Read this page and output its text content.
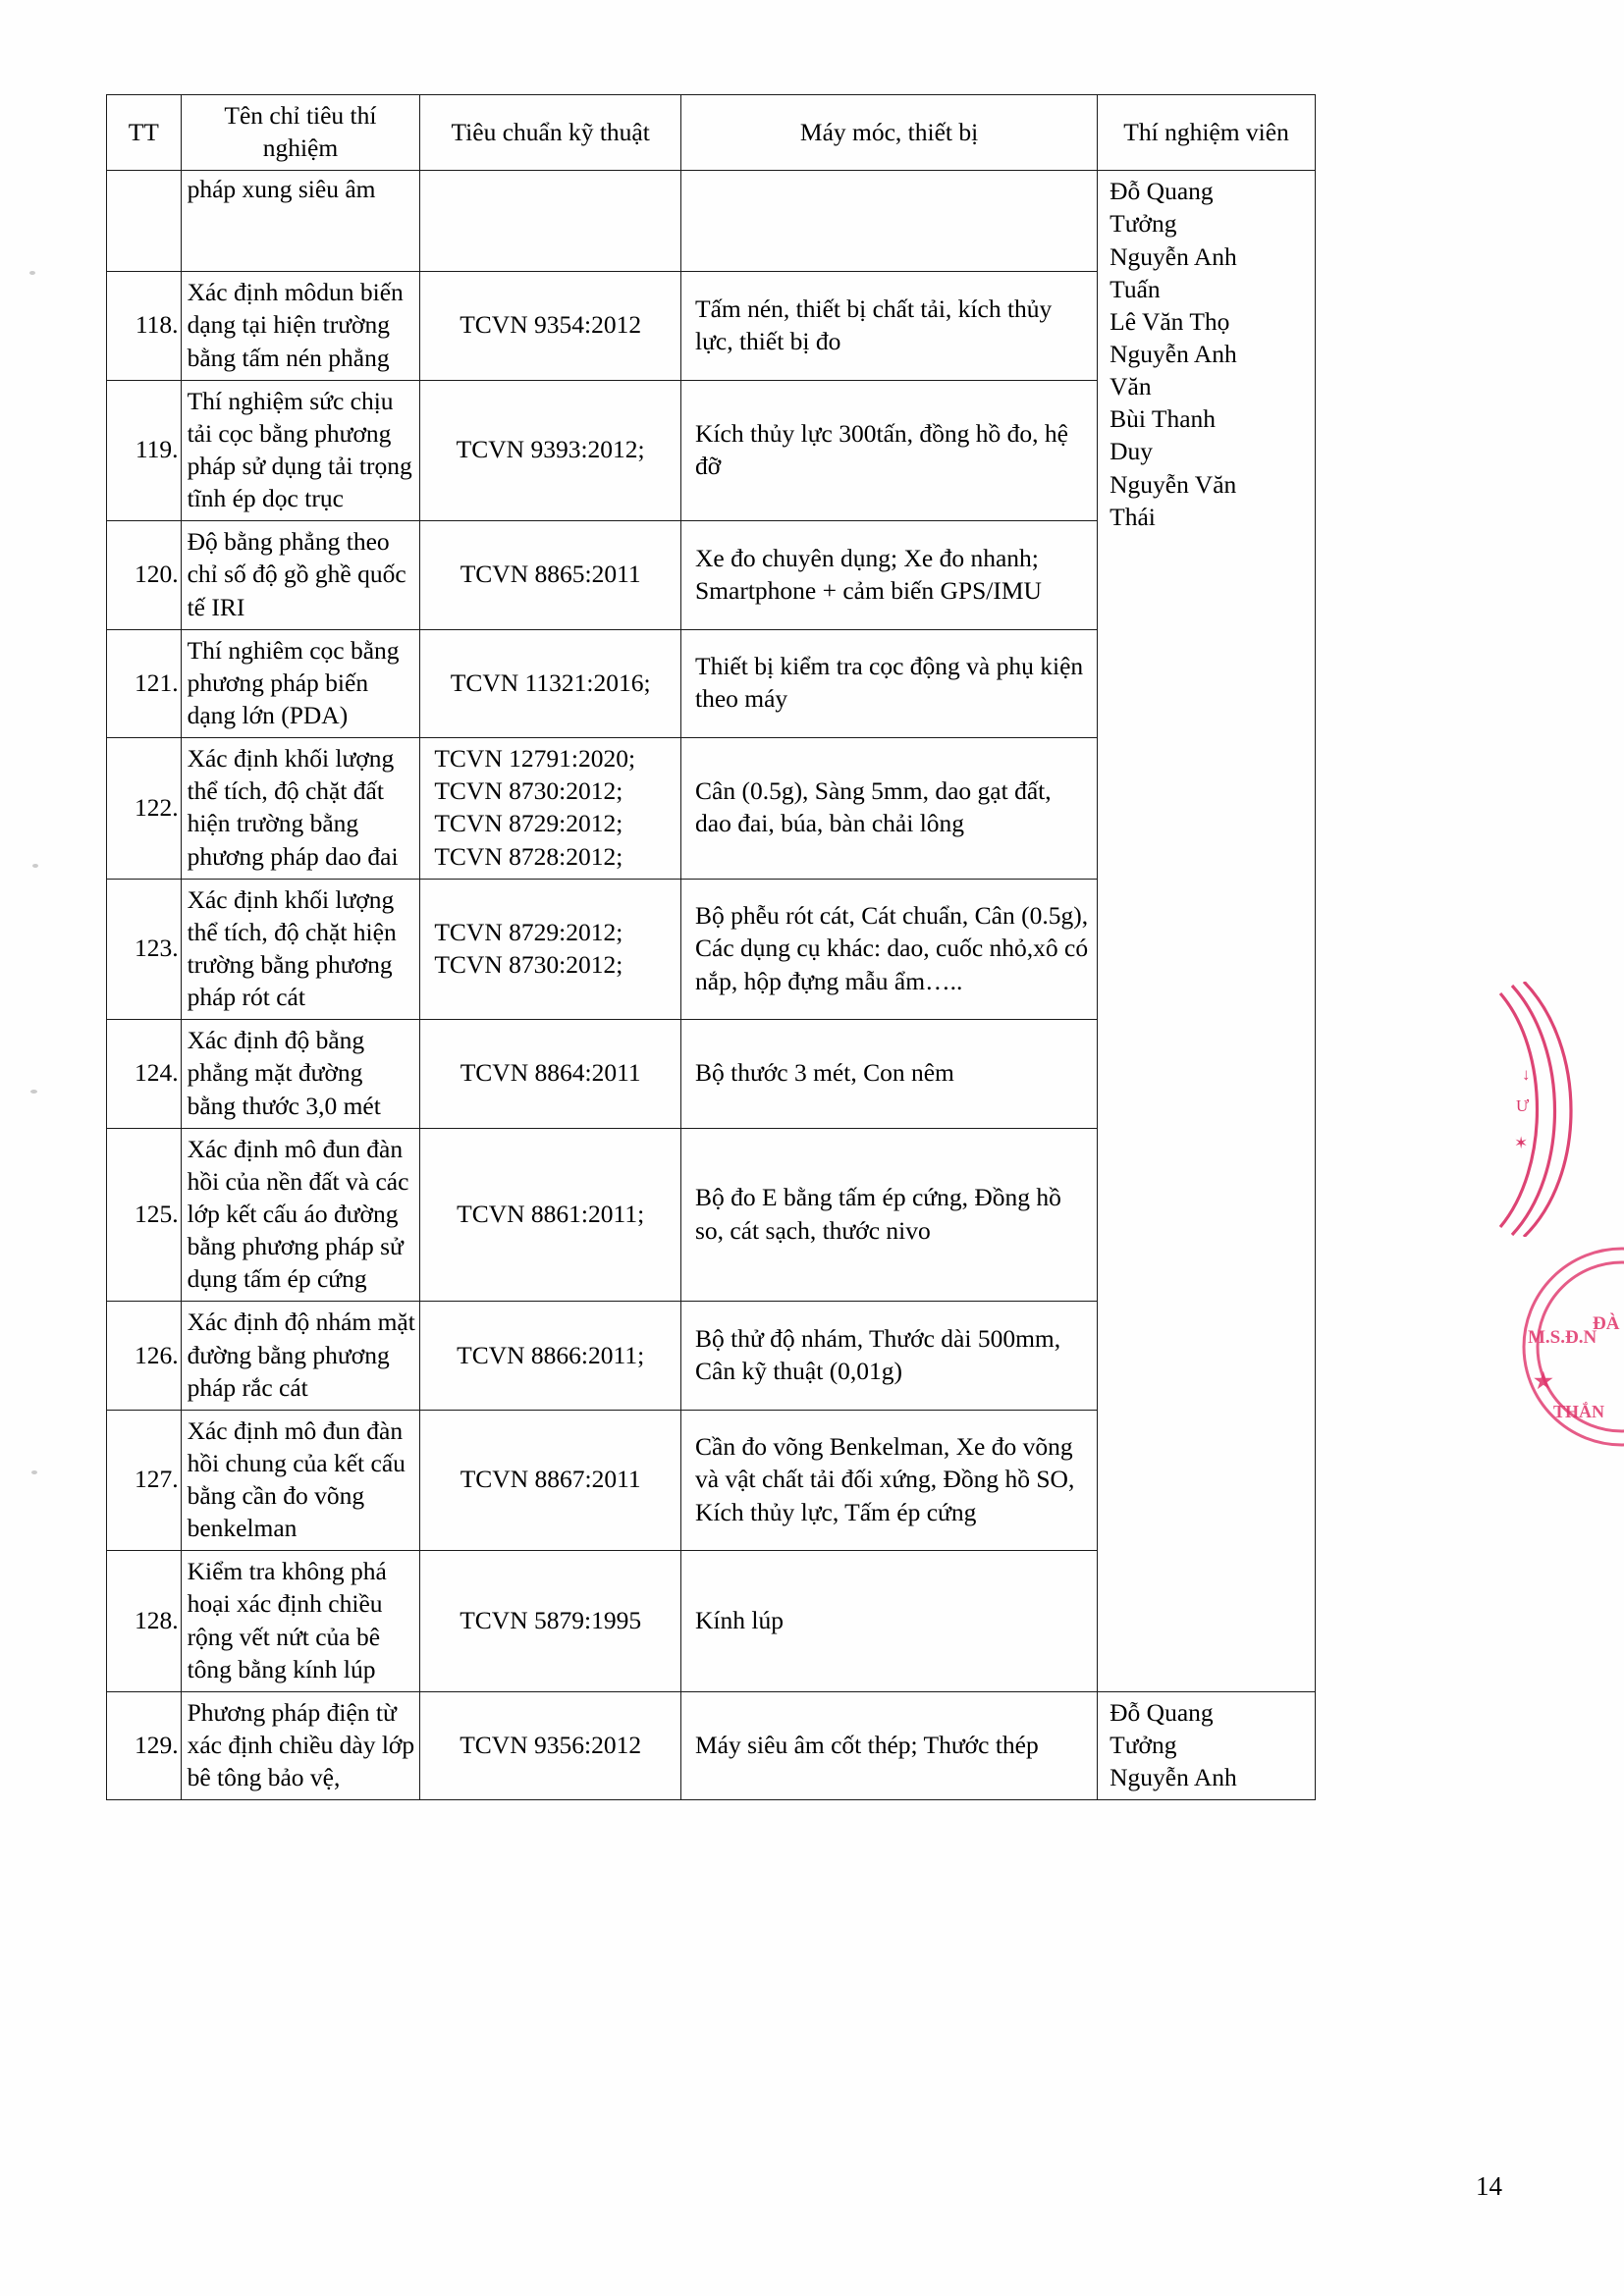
TT	Tên chỉ tiêu thí nghiệm	Tiêu chuẩn kỹ thuật	Máy móc, thiết bị	Thí nghiệm viên
	pháp xung siêu âm			Đỗ Quang
Tưởng
Nguyễn Anh
Tuấn
Lê Văn Thọ
Nguyễn Anh
Văn
Bùi Thanh
Duy
Nguyễn Văn
Thái

118.	Xác định môdun biến dạng tại hiện trường bằng tấm nén phẳng	TCVN 9354:2012	Tấm nén, thiết bị chất tải, kích thủy lực, thiết bị đo	
119.	Thí nghiệm sức chịu tải cọc bằng phương pháp sử dụng tải trọng tĩnh ép dọc trục	TCVN 9393:2012;	Kích thủy lực 300tấn, đồng hồ đo, hệ đỡ	
120.	Độ bằng phẳng theo chỉ số độ gồ ghề quốc tế IRI	TCVN 8865:2011	Xe đo chuyên dụng; Xe đo nhanh; Smartphone + cảm biến GPS/IMU	
121.	Thí nghiêm cọc bằng phương pháp biến dạng lớn (PDA)	TCVN 11321:2016;	Thiết bị kiểm tra cọc động và phụ kiện theo máy	
122.	Xác định khối lượng thể tích, độ chặt đất hiện trường bằng phương pháp dao đai	TCVN 12791:2020; TCVN 8730:2012; TCVN 8729:2012; TCVN 8728:2012;	Cân (0.5g), Sàng 5mm, dao gạt đất, dao đai, búa, bàn chải lông	
123.	Xác định khối lượng thể tích, độ chặt hiện trường bằng phương pháp rót cát	TCVN 8729:2012; TCVN 8730:2012;	Bộ phễu rót cát, Cát chuẩn, Cân (0.5g), Các dụng cụ khác: dao, cuốc nhỏ,xô có nắp, hộp đựng mẫu ẩm…..	
124.	Xác định độ bằng phẳng mặt đường bằng thước 3,0 mét	TCVN 8864:2011	Bộ thước 3 mét, Con nêm	
125.	Xác định mô đun đàn hồi của nền đất và các lớp kết cấu áo đường bằng phương pháp sử dụng tấm ép cứng	TCVN 8861:2011;	Bộ đo E bằng tấm ép cứng, Đồng hồ so, cát sạch, thước nivo	
126.	Xác định độ nhám mặt đường bằng phương pháp rắc cát	TCVN 8866:2011;	Bộ thử độ nhám, Thước dài 500mm, Cân kỹ thuật (0,01g)	
127.	Xác định mô đun đàn hồi chung của kết cấu bằng cần đo võng benkelman	TCVN 8867:2011	Cần đo võng Benkelman, Xe đo võng và vật chất tải đối xứng, Đồng hồ SO, Kích thủy lực, Tấm ép cứng	
128.	Kiểm tra không phá hoại xác định chiều rộng vết nứt của bê tông bằng kính lúp	TCVN 5879:1995	Kính lúp	
129.	Phương pháp điện từ xác định chiều dày lớp bê tông bảo vệ,	TCVN 9356:2012	Máy siêu âm cốt thép; Thước thép	Đỗ Quang
Tưởng
Nguyễn Anh
↓
Ư
✶
M.S.Đ.N
ĐÀ
★
THẮN
14
